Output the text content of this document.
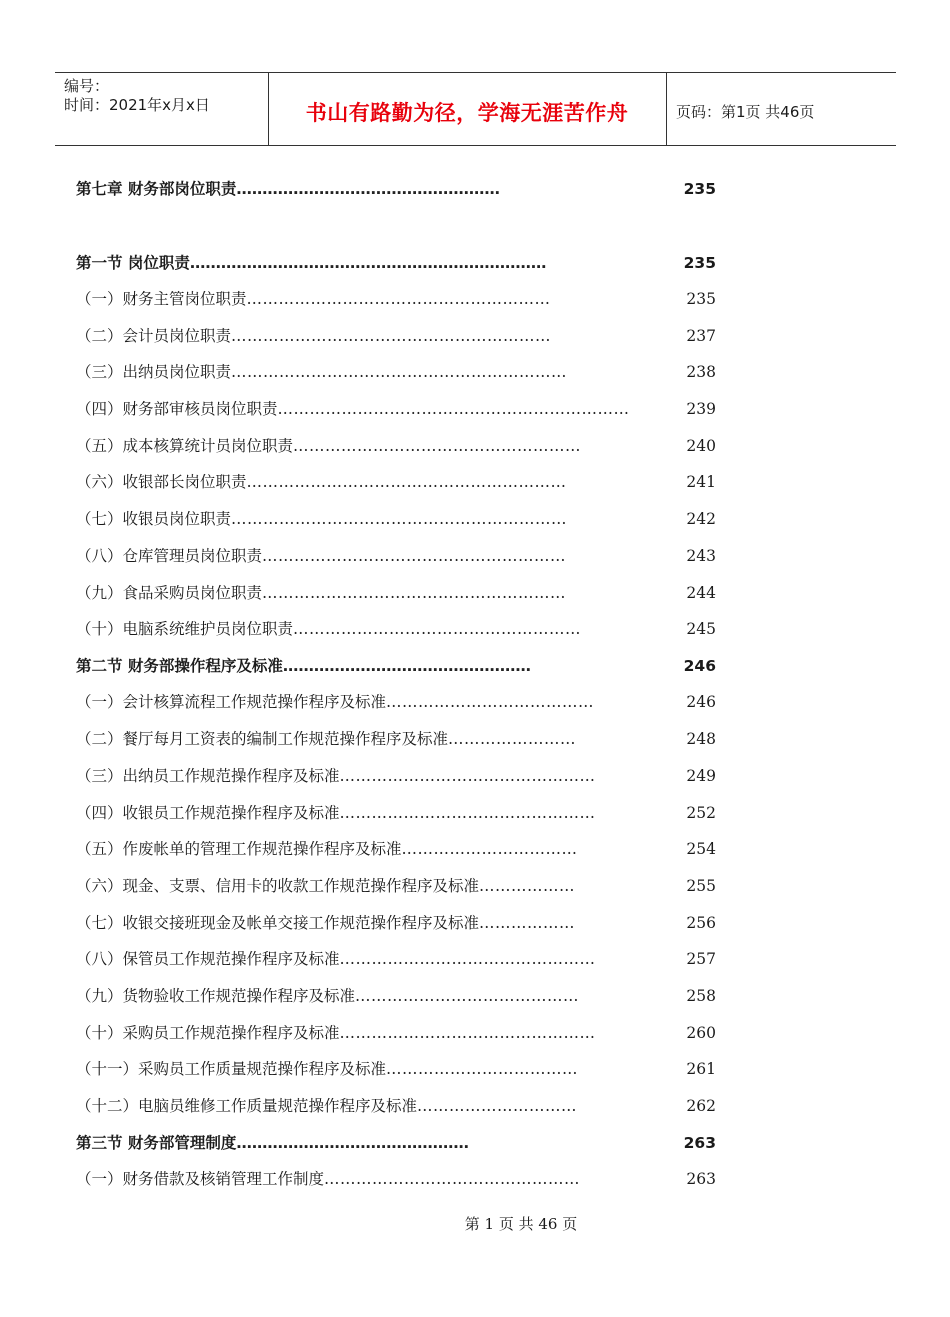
编号：
时间：2021年x月x日	书山有路勤为径，学海无涯苦作舟	页码：第1页 共46页
第七章 财务部岗位职责 ……………………………………………	235
第一节 岗位职责 ……………………………………………………………	235
（一）财务主管岗位职责 …………………………………………………	235
（二）会计员岗位职责 ……………………………………………………	237
（三）出纳员岗位职责 ………………………………………………………	238
（四）财务部审核员岗位职责 …………………………………………………………	239
（五）成本核算统计员岗位职责 ………………………………………………	240
（六）收银部长岗位职责 ……………………………………………………	241
（七）收银员岗位职责 ………………………………………………………	242
（八）仓库管理员岗位职责 …………………………………………………	243
（九）食品采购员岗位职责 …………………………………………………	244
（十）电脑系统维护员岗位职责 ………………………………………………	245
第二节 财务部操作程序及标准 …………………………………………	246
（一）会计核算流程工作规范操作程序及标准 …………………………………	246
（二）餐厅每月工资表的编制工作规范操作程序及标准 ……………………	248
（三）出纳员工作规范操作程序及标准 …………………………………………	249
（四）收银员工作规范操作程序及标准 …………………………………………	252
（五）作废帐单的管理工作规范操作程序及标准 ……………………………	254
（六）现金、支票、信用卡的收款工作规范操作程序及标准 ………………	255
（七）收银交接班现金及帐单交接工作规范操作程序及标准 ………………	256
（八）保管员工作规范操作程序及标准 …………………………………………	257
（九）货物验收工作规范操作程序及标准 ……………………………………	258
（十）采购员工作规范操作程序及标准 …………………………………………	260
（十一）采购员工作质量规范操作程序及标准 ………………………………	261
（十二）电脑员维修工作质量规范操作程序及标准 …………………………	262
第三节 财务部管理制度 ………………………………………	263
（一）财务借款及核销管理工作制度 …………………………………………	263
第 1 页 共 46 页
